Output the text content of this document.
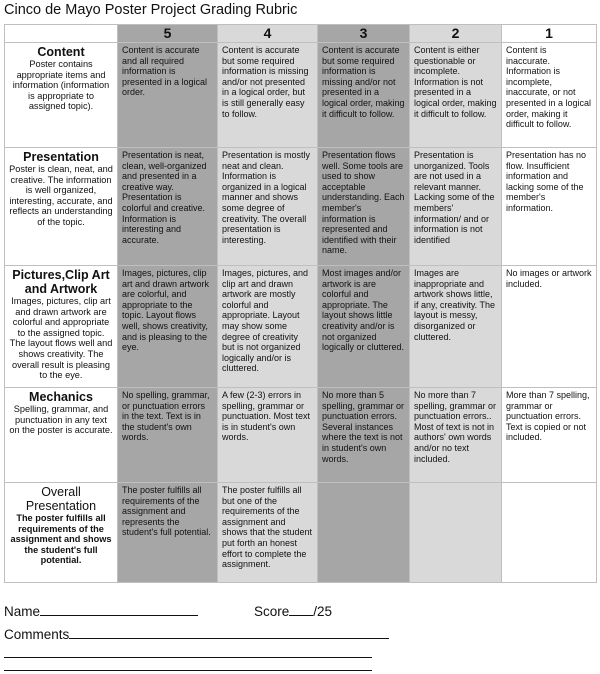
Cinco de Mayo Poster Project Grading Rubric
	5	4	3	2	1

Content
Poster contains appropriate items and information (information is appropriate to assigned topic).	Content is accurate and all required information is presented in a logical order.	Content is accurate but some required information is missing and/or not presented in a logical order, but is still generally easy to follow.	Content is accurate but some required information is missing and/or not presented in a logical order, making it difficult to follow.	Content is either questionable or incomplete. Information is not presented in a logical order, making it difficult to follow.	Content is inaccurate. Information is incomplete, inaccurate, or not presented in a logical order, making it difficult to follow.

Presentation
Poster is clean, neat, and creative. The information is well organized, interesting, accurate, and reflects an understanding of the topic.	Presentation is neat, clean, well-organized and presented in a creative way. Presentation is colorful and creative. Information is interesting and accurate.	Presentation is mostly neat and clean. Information is organized in a logical manner and shows some degree of creativity. The overall presentation is interesting.	Presentation flows well. Some tools are used to show acceptable understanding. Each member's information is represented and identified with their name.	Presentation is unorganized. Tools are not used in a relevant manner. Lacking some of the members' information/ and or information is not identified	Presentation has no flow. Insufficient information and lacking some of the member's information.

Pictures,Clip Art and Artwork
Images, pictures, clip art and drawn artwork are colorful and appropriate to the assigned topic. The layout flows well and shows creativity. The overall result is pleasing to the eye.	Images, pictures, clip art and drawn artwork are colorful, and appropriate to the topic. Layout flows well, shows creativity, and is pleasing to the eye.	Images, pictures, and clip art and drawn artwork are mostly colorful and appropriate. Layout may show some degree of creativity but is not organized logically and/or is cluttered.	Most images and/or artwork is are colorful and appropriate. The layout shows little creativity and/or is not organized logically or cluttered.	Images are inappropriate and artwork shows little, if any, creativity. The layout is messy, disorganized or cluttered.	No images or artwork included.

Mechanics
Spelling, grammar, and punctuation in any text on the poster is accurate.	No spelling, grammar, or punctuation errors in the text. Text is in the student's own words.	A few (2-3) errors in spelling, grammar or punctuation. Most text is in student's own words.	No more than 5 spelling, grammar or punctuation errors. Several instances where the text is not in student's own words.	No more than 7 spelling, grammar or punctuation errors.. Most of text is not in authors' own words and/or no text included.	More than 7 spelling, grammar or punctuation errors. Text is copied or not included.

Overall Presentation
The poster fulfills all requirements of the assignment and shows the student's full potential.	The poster fulfills all requirements of the assignment and represents the student's full potential.	The poster fulfills all but one of the requirements of the assignment and shows that the student put forth an honest effort to complete the assignment.			
Name	Score /25
Comments
